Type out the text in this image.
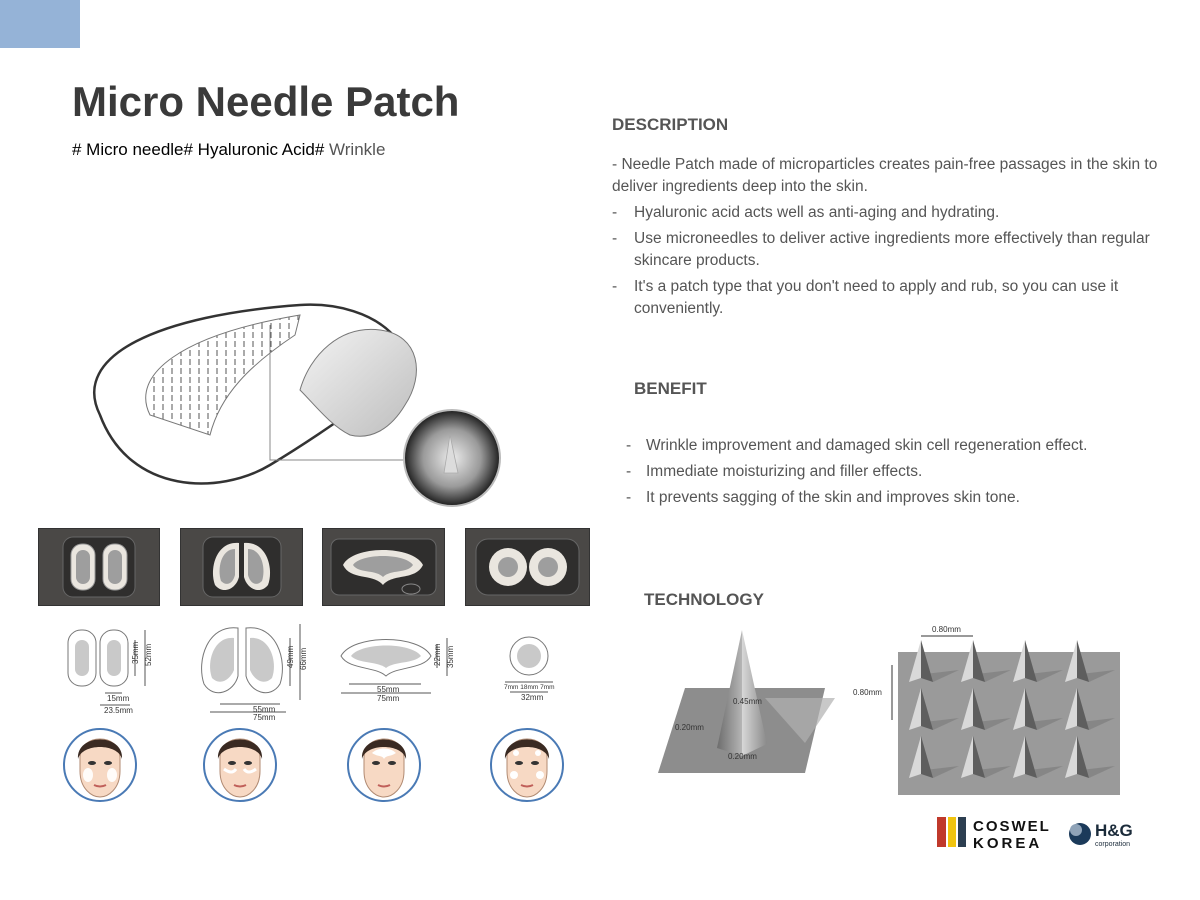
Micro Needle Patch
# Micro needle# Hyaluronic Acid# Wrinkle
35mm 52mm
15mm
23.5mm
49mm 66mm
55mm
75mm
22mm 35mm
55mm
75mm
7mm 18mm 7mm
32mm
DESCRIPTION
- Needle Patch made of microparticles creates pain-free passages in the skin to deliver ingredients deep into the skin.
- Hyaluronic acid acts well as anti-aging and hydrating.
- Use microneedles to deliver active ingredients more effectively than regular skincare products.
- It's a patch type that you don't need to apply and rub, so you can use it conveniently.
BENEFIT
- Wrinkle improvement and damaged skin cell regeneration effect.
- Immediate moisturizing and filler effects.
- It prevents sagging of the skin and improves skin tone.
TECHNOLOGY
0.45mm
0.20mm
0.20mm
0.80mm
0.80mm
COSWEL
KOREA
H&G
corporation
